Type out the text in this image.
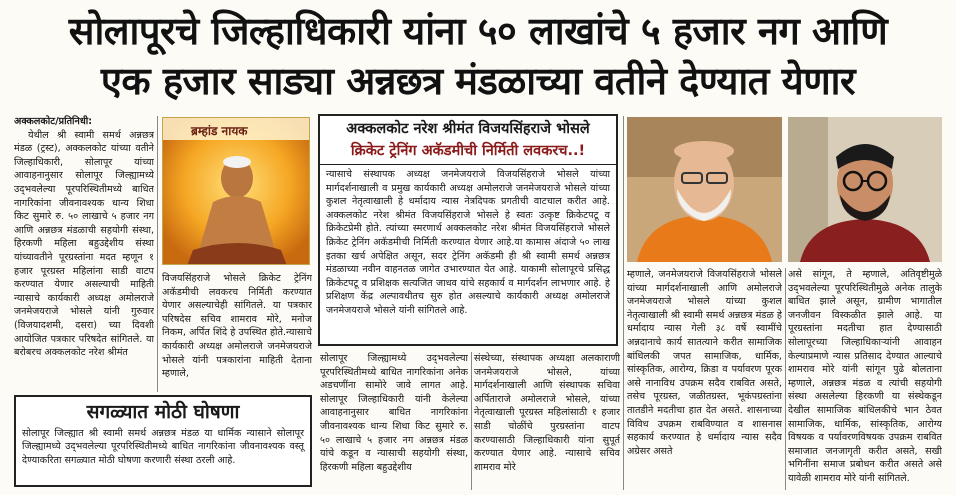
सोलापूरचे जिल्हाधिकारी यांना ५० लाखांचे ५ हजार नग आणि
एक हजार साड्या अन्नछत्र मंडळाच्या वतीने देण्यात येणार

अक्कलकोट/प्रतिनिधी:

येथील श्री स्वामी समर्थ अन्नछत्र मंडळ (ट्रस्ट), अक्कलकोट यांच्या वतीने जिल्हाधिकारी, सोलापूर यांच्या आवाहनानुसार सोलापूर जिल्ह्यामध्ये उद्‌भवलेल्या पूरपरिस्थितीमध्ये बाधित नागरिकांना जीवनावश्यक धान्य शिधा किट सुमारे रु. ५० लाखाचे ५ हजार नग आणि अन्नछत्र मंडळाची सहयोगी संस्था, हिरकणी महिला बहुउद्देशीय संस्था यांच्यावतीने पूरग्रस्तांना मदत म्हणून १ हजार पूरग्रस्त महिलांना साडी वाटप करण्यात येणार असल्याची माहिती न्यासाचे कार्यकारी अध्यक्ष अमोलराजे जनमेजयराजे भोसले यांनी गुरुवार (विजयादशमी, दसरा) च्या दिवशी आयोजित पत्रकार परिषदेत सांगितले. या बरोबरच अक्कलकोट नरेश श्रीमंत

ब्रम्हांड नायक

विजयसिंहराजे भोसले क्रिकेट ट्रेनिंग अकॅडमीची लवकरच निर्मिती करण्यात येणार असल्याचेही सांगितले. या पत्रकार परिषदेस सचिव शामराव मोरे, मनोज निकम, अर्पित शिंदे हे उपस्थित होते.न्यासाचे कार्यकारी अध्यक्ष अमोलराजे जनमेजयराजे भोसले यांनी पत्रकारांना माहिती देताना म्हणाले,

अक्कलकोट नरेश श्रीमंत विजयसिंहराजे भोसले
क्रिकेट ट्रेनिंग अकॅडमीची निर्मिती लवकरच..!
न्यासाचे संस्थापक अध्यक्ष जनमेजयराजे विजयसिंहराजे भोसले यांच्या मार्गदर्शनाखाली व प्रमुख कार्यकारी अध्यक्ष अमोलराजे जनमेजयराजे भोसले यांच्या कुशल नेतृत्वाखाली हे धर्मादाय न्यास नेत्रदिपक प्रगतीची वाटचाल करीत आहे. अक्कलकोट नरेश श्रीमंत विजयसिंहराजे भोसले हे स्वतः उत्कृष्ट क्रिकेटपटू व क्रिकेटप्रेमी होते. त्यांच्या स्मरणार्थ अक्कलकोट नरेश श्रीमंत विजयसिंहराजे भोसले क्रिकेट ट्रेनिंग अकॅडमीची निर्मिती करण्यात येणार आहे.या कामास अंदाजे ५० लाख इतका खर्च अपेक्षित असून, सदर ट्रेनिंग अकॅडमी ही श्री स्वामी समर्थ अन्नछत्र मंडळाच्या नवीन वाहनतळ जागेत उभारण्यात येत आहे. याकामी सोलापूरचे प्रसिद्ध क्रिकेटपटू व प्रशिक्षक सत्यजित जाधव यांचे सहकार्य व मार्गदर्शन लाभणार आहे. हे प्रशिक्षण केंद्र अल्पावधीतच सुरु होत असल्याचे कार्यकारी अध्यक्ष अमोलराजे जनमेजयराजे भोसले यांनी सांगितले आहे.

सोलापूर जिल्ह्यामध्ये उद्‌भवलेल्या पूरपरिस्थितीमध्ये बाधित नागरिकांना अनेक अडचणींना सामोरे जावे लागत आहे. सोलापूर जिल्हाधिकारी यांनी केलेल्या आवाहनानुसार बाधित नागरिकांना जीवनावश्यक धान्य शिधा किट सुमारे रु. ५० लाखाचे ५ हजार नग अन्नछत्र मंडळ यांचे कडून व न्यासाची सहयोगी संस्था, हिरकणी महिला बहुउद्देशीय

संस्थेच्या, संस्थापक अध्यक्षा अलकाराणी जनमेजयराजे भोसले, यांच्या मार्गदर्शनाखाली आणि संस्थापक सचिवा अर्पिताराजे अमोलराजे भोसले, यांच्या नेतृत्वाखाली पूरग्रस्त महिलांसाठी १ हजार साडी चोळींचे पुरग्रस्तांना वाटप करण्यासाठी जिल्हाधिकारी यांना सुपूर्त करण्यात येणार आहे. न्यासाचे सचिव शामराव मोरे

सगळ्यात मोठी घोषणा
सोलापूर जिल्ह्यात श्री स्वामी समर्थ अन्नछत्र मंडळ या धार्मिक न्यासाने सोलापूर जिल्ह्यामध्ये उद्‌भवलेल्या पूरपरिस्थितीमध्ये बाधित नागरिकांना जीवनावश्यक वस्तू देण्याकरिता सगळ्यात मोठी घोषणा करणारी संस्था ठरली आहे.

म्हणाले, जनमेजयराजे विजयसिंहराजे भोसले यांच्या मार्गदर्शनाखाली आणि अमोलराजे जनमेजयराजे भोसले यांच्या कुशल नेतृत्वाखाली श्री स्वामी समर्थ अन्नछत्र मंडळ हे धर्मादाय न्यास गेली ३८ वर्षे स्वामींचे अन्नदानाचे कार्य सातत्याने करीत सामाजिक बांधिलकी जपत सामाजिक, धार्मिक, सांस्कृतिक, आरोग्य, क्रिडा व पर्यावरण पूरक असे नानाविध उपक्रम सदैव राबवित असते, तसेच पूरग्रस्त, जळीतग्रस्त, भूकंपग्रस्तांना तातडीने मदतीचा हात देत असते. शासनाच्या विविध उपक्रम राबविण्यात व शासनास सहकार्य करण्यात हे धर्मादाय न्यास सदैव अग्रेसर असते

असे सांगून, ते म्हणाले, अतिवृष्टीमुळे उद्‌भवलेल्या पूरपरिस्थितीमुळे अनेक तालुके बाधित झाले असून, ग्रामीण भागातील जनजीवन विस्कळीत झाले आहे. या पूरग्रस्तांना मदतीचा हात देण्यासाठी सोलापूरच्या जिल्हाधिकाऱ्यांनी आवाहन केल्याप्रमाणे न्यास प्रतिसाद देण्यात आल्याचे शामराव मोरे यांनी सांगून पुढे बोलताना म्हणाले, अन्नछत्र मंडळ व त्यांची सहयोगी संस्था असलेल्या हिरकणी या संस्थेकडून देखील सामाजिक बांधिलकीचे भान ठेवत सामाजिक, धार्मिक, सांस्कृतिक, आरोग्य विषयक व पर्यावरणविषयक उपक्रम राबवित समाजात जनजागृती करीत असते, सखी भगिनींना समाज प्रबोधन करीत असते असे यावेळी शामराव मोरे यांनी सांगितले.
